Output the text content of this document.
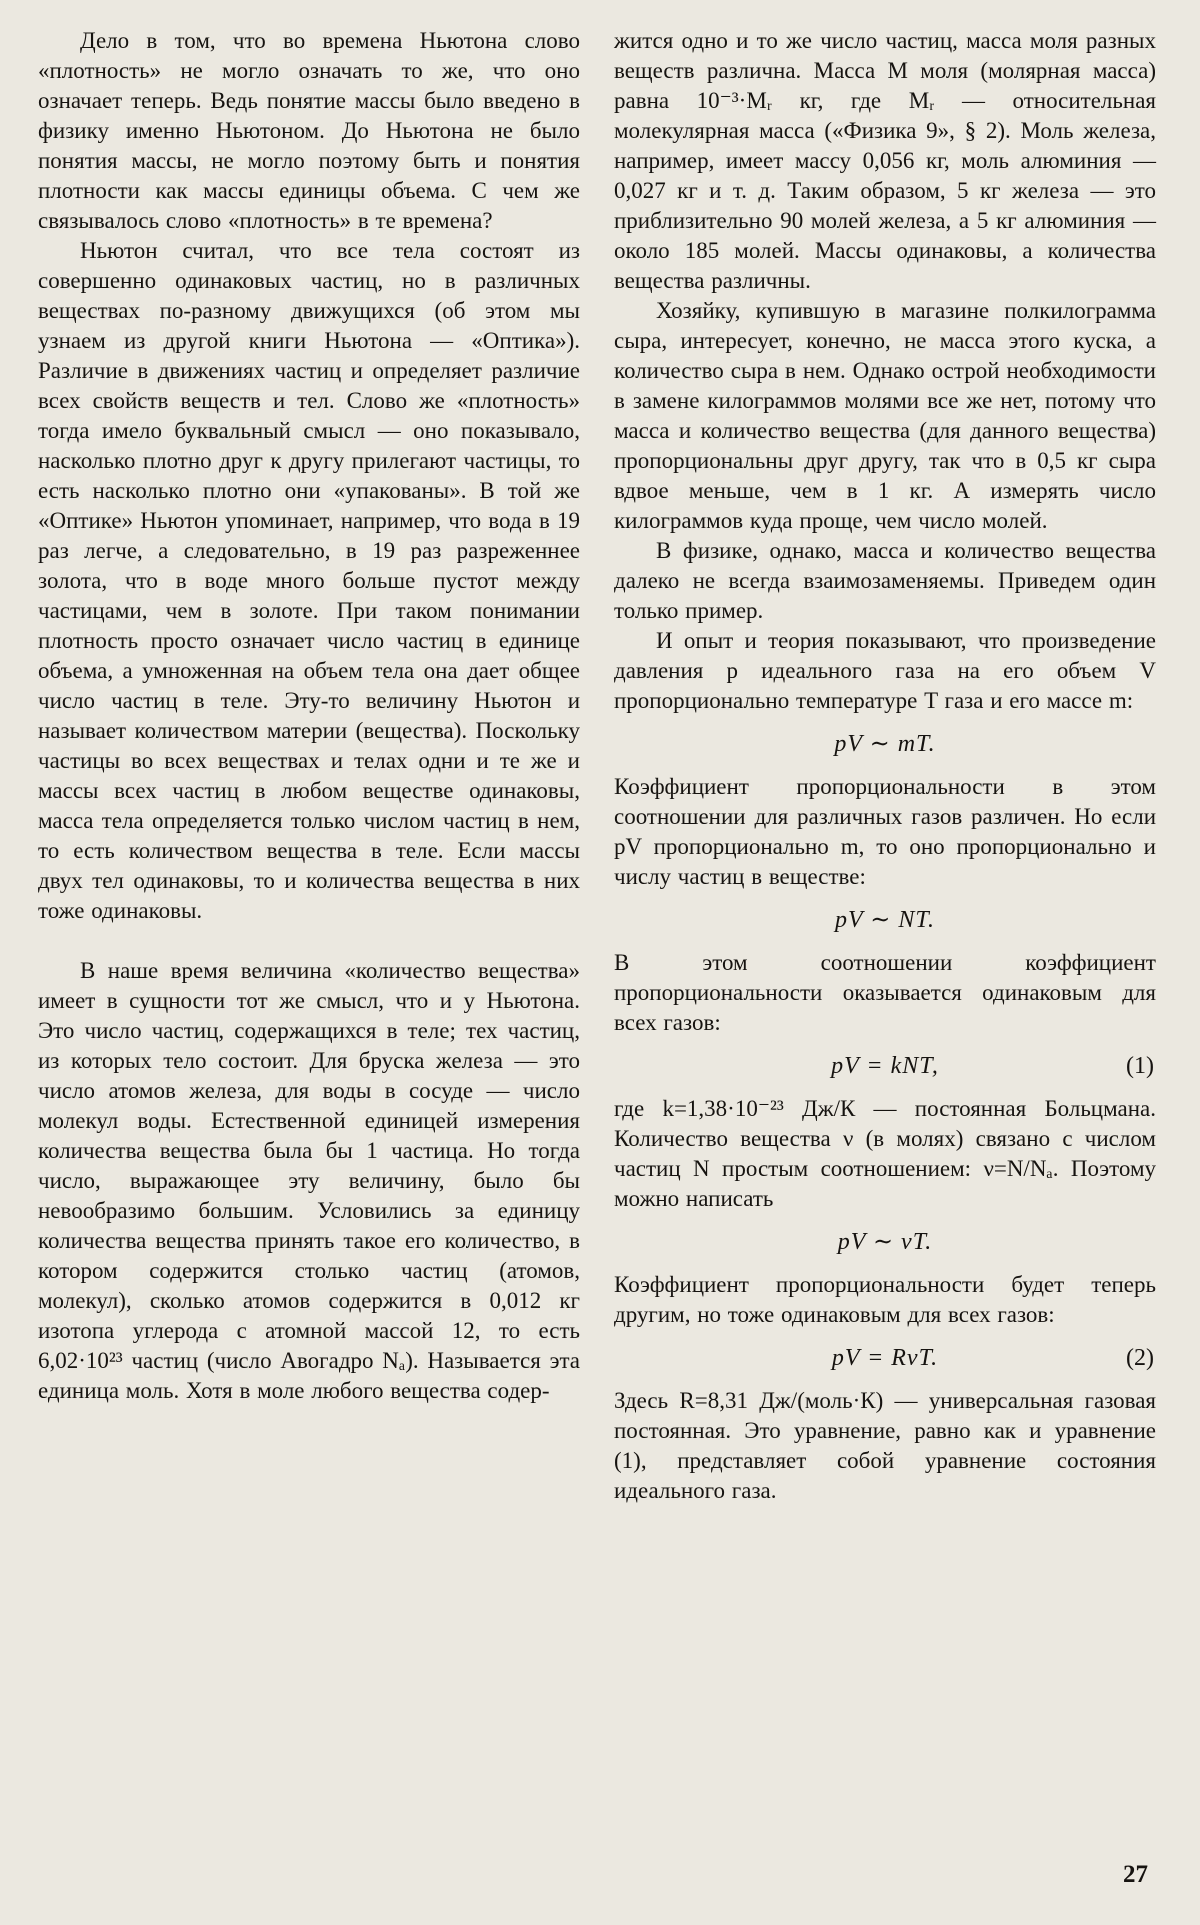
Дело в том, что во времена Ньютона слово «плотность» не могло означать то же, что оно означает теперь. Ведь понятие массы было введено в физику именно Ньютоном. До Ньютона не было понятия массы, не могло поэтому быть и понятия плотности как массы единицы объема. С чем же связывалось слово «плотность» в те времена?

Ньютон считал, что все тела состоят из совершенно одинаковых частиц, но в различных веществах по-разному движущихся (об этом мы узнаем из другой книги Ньютона — «Оптика»). Различие в движениях частиц и определяет различие всех свойств веществ и тел. Слово же «плотность» тогда имело буквальный смысл — оно показывало, насколько плотно друг к другу прилегают частицы, то есть насколько плотно они «упакованы». В той же «Оптике» Ньютон упоминает, например, что вода в 19 раз легче, а следовательно, в 19 раз разреженнее золота, что в воде много больше пустот между частицами, чем в золоте. При таком понимании плотность просто означает число частиц в единице объема, а умноженная на объем тела она дает общее число частиц в теле. Эту-то величину Ньютон и называет количеством материи (вещества). Поскольку частицы во всех веществах и телах одни и те же и массы всех частиц в любом веществе одинаковы, масса тела определяется только числом частиц в нем, то есть количеством вещества в теле. Если массы двух тел одинаковы, то и количества вещества в них тоже одинаковы.

В наше время величина «количество вещества» имеет в сущности тот же смысл, что и у Ньютона. Это число частиц, содержащихся в теле; тех частиц, из которых тело состоит. Для бруска железа — это число атомов железа, для воды в сосуде — число молекул воды. Естественной единицей измерения количества вещества была бы 1 частица. Но тогда число, выражающее эту величину, было бы невообразимо большим. Условились за единицу количества вещества принять такое его количество, в котором содержится столько частиц (атомов, молекул), сколько атомов содержится в 0,012 кг изотопа углерода с атомной массой 12, то есть 6,02·10²³ частиц (число Авогадро Nₐ). Называется эта единица моль. Хотя в моле любого вещества содер-

жится одно и то же число частиц, масса моля разных веществ различна. Масса M моля (молярная масса) равна 10⁻³·Mᵣ кг, где Mᵣ — относительная молекулярная масса («Физика 9», § 2). Моль железа, например, имеет массу 0,056 кг, моль алюминия — 0,027 кг и т. д. Таким образом, 5 кг железа — это приблизительно 90 молей железа, а 5 кг алюминия — около 185 молей. Массы одинаковы, а количества вещества различны.

Хозяйку, купившую в магазине полкилограмма сыра, интересует, конечно, не масса этого куска, а количество сыра в нем. Однако острой необходимости в замене килограммов молями все же нет, потому что масса и количество вещества (для данного вещества) пропорциональны друг другу, так что в 0,5 кг сыра вдвое меньше, чем в 1 кг. А измерять число килограммов куда проще, чем число молей.

В физике, однако, масса и количество вещества далеко не всегда взаимозаменяемы. Приведем один только пример.

И опыт и теория показывают, что произведение давления p идеального газа на его объем V пропорционально температуре T газа и его массе m:

pV ∼ mT.

Коэффициент пропорциональности в этом соотношении для различных газов различен. Но если pV пропорционально m, то оно пропорционально и числу частиц в веществе:

pV ∼ NT.

В этом соотношении коэффициент пропорциональности оказывается одинаковым для всех газов:

pV = kNT,	(1)

где k=1,38·10⁻²³ Дж/К — постоянная Больцмана. Количество вещества ν (в молях) связано с числом частиц N простым соотношением: ν=N/Nₐ. Поэтому можно написать

pV ∼ νT.

Коэффициент пропорциональности будет теперь другим, но тоже одинаковым для всех газов:

pV = RνT.	(2)

Здесь R=8,31 Дж/(моль·К) — универсальная газовая постоянная. Это уравнение, равно как и уравнение (1), представляет собой уравнение состояния идеального газа.

27
